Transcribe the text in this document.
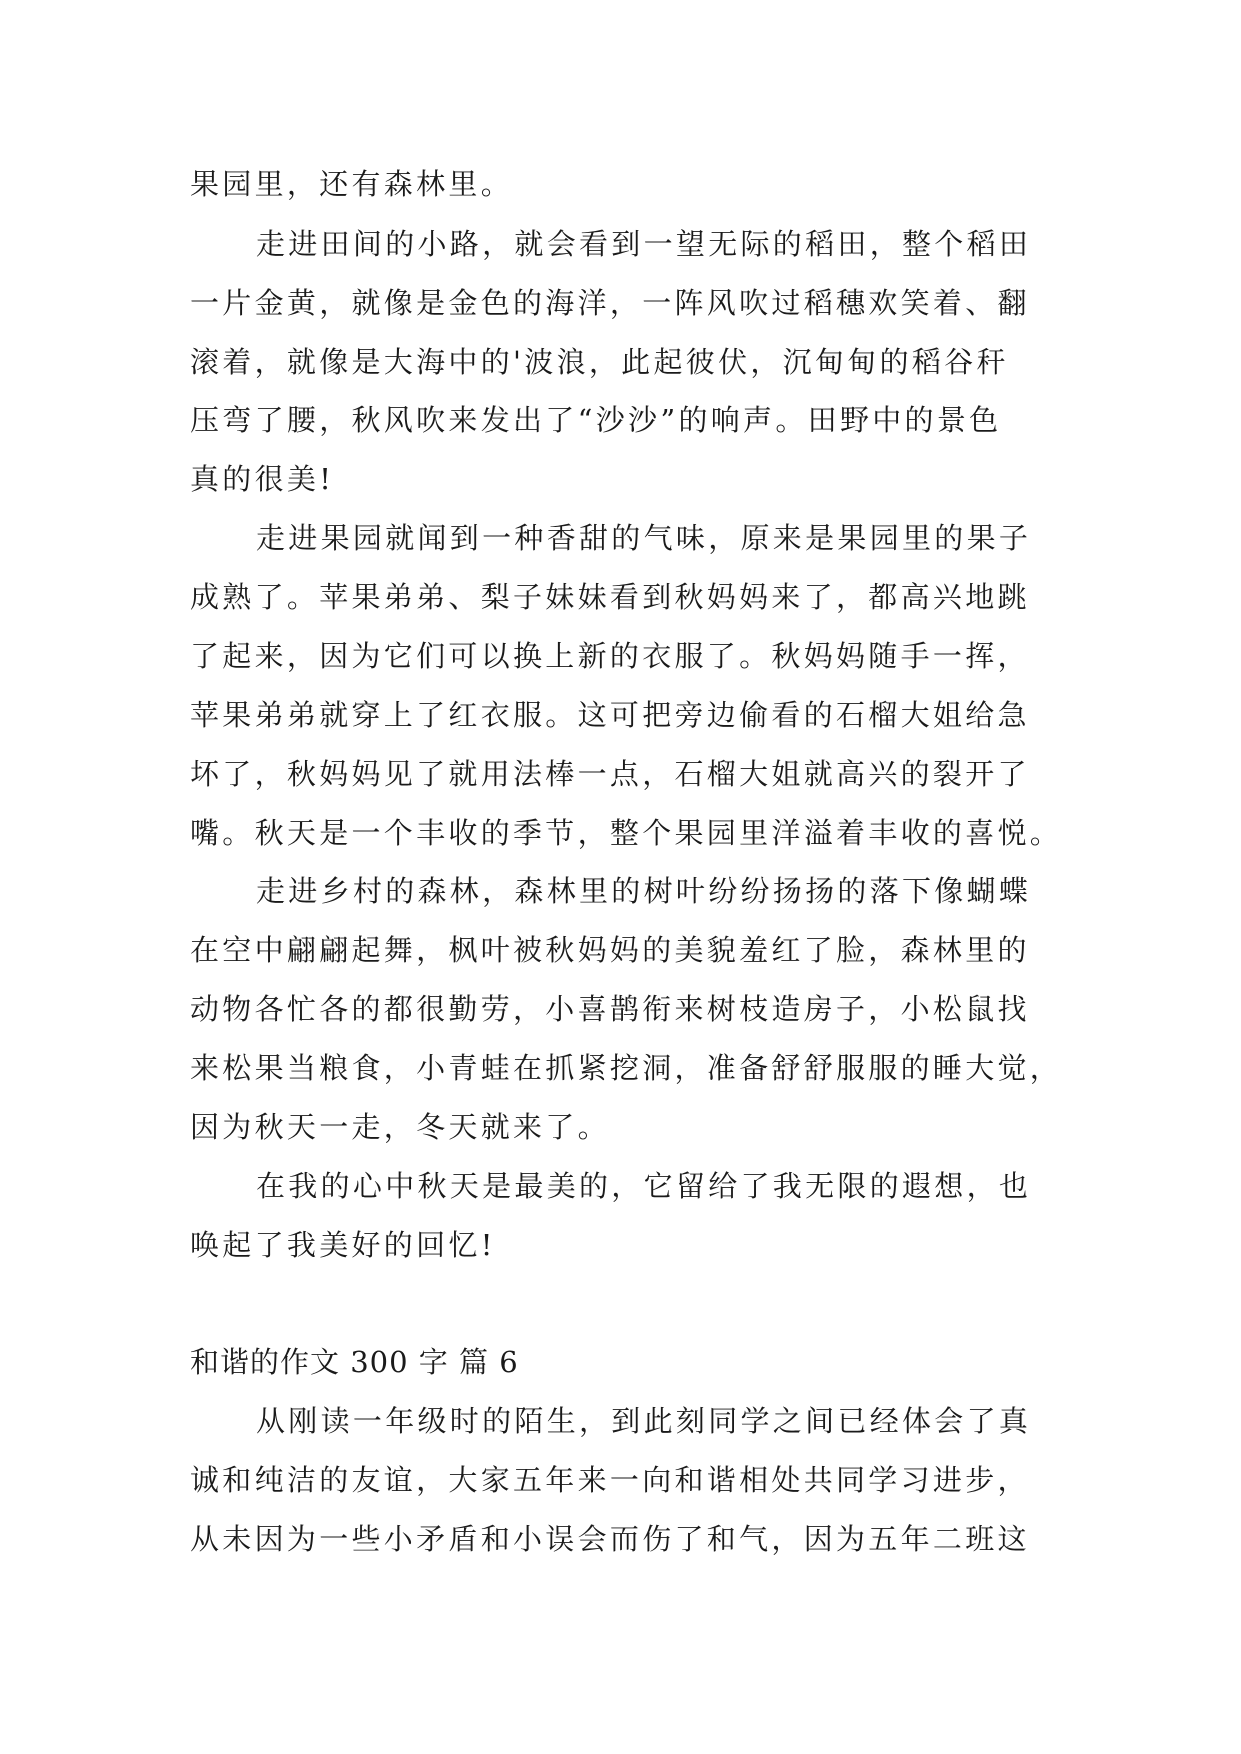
果园里，还有森林里。
走进田间的小路，就会看到一望无际的稻田，整个稻田
一片金黄，就像是金色的海洋，一阵风吹过稻穗欢笑着、翻
滚着，就像是大海中的'波浪，此起彼伏，沉甸甸的稻谷秆
压弯了腰，秋风吹来发出了“沙沙”的响声。田野中的景色
真的很美!
走进果园就闻到一种香甜的气味，原来是果园里的果子
成熟了。苹果弟弟、梨子妹妹看到秋妈妈来了，都高兴地跳
了起来，因为它们可以换上新的衣服了。秋妈妈随手一挥，
苹果弟弟就穿上了红衣服。这可把旁边偷看的石榴大姐给急
坏了，秋妈妈见了就用法棒一点，石榴大姐就高兴的裂开了
嘴。秋天是一个丰收的季节，整个果园里洋溢着丰收的喜悦。
走进乡村的森林，森林里的树叶纷纷扬扬的落下像蝴蝶
在空中翩翩起舞，枫叶被秋妈妈的美貌羞红了脸，森林里的
动物各忙各的都很勤劳，小喜鹊衔来树枝造房子，小松鼠找
来松果当粮食，小青蛙在抓紧挖洞，准备舒舒服服的睡大觉，
因为秋天一走，冬天就来了。
在我的心中秋天是最美的，它留给了我无限的遐想，也
唤起了我美好的回忆!
和谐的作文 300 字 篇 6
从刚读一年级时的陌生，到此刻同学之间已经体会了真
诚和纯洁的友谊，大家五年来一向和谐相处共同学习进步，
从未因为一些小矛盾和小误会而伤了和气，因为五年二班这
